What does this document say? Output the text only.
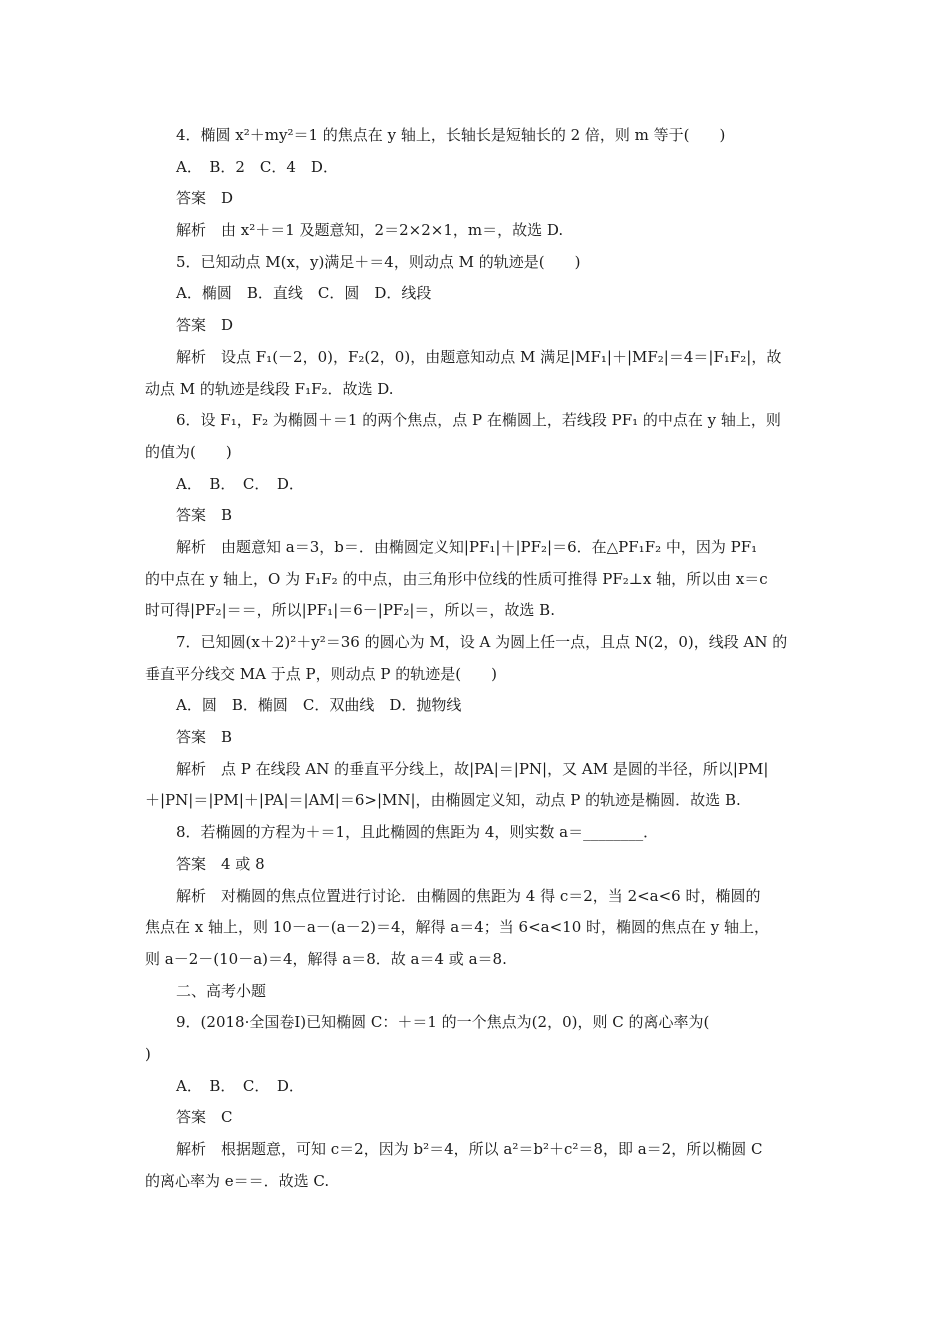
4．椭圆 x²＋my²＝1 的焦点在 y 轴上，长轴长是短轴长的 2 倍，则 m 等于(　　)

A．　B．2　C．4　D．

答案　D

解析　由 x²＋＝1 及题意知，2＝2×2×1，m＝，故选 D.

5．已知动点 M(x，y)满足＋＝4，则动点 M 的轨迹是(　　)

A．椭圆　B．直线　C．圆　D．线段

答案　D

解析　设点 F₁(－2，0)，F₂(2，0)，由题意知动点 M 满足|MF₁|＋|MF₂|＝4＝|F₁F₂|，故

动点 M 的轨迹是线段 F₁F₂．故选 D.

6．设 F₁，F₂ 为椭圆＋＝1 的两个焦点，点 P 在椭圆上，若线段 PF₁ 的中点在 y 轴上，则

的值为(　　)

A．　B．　C．　D．

答案　B

解析　由题意知 a＝3，b＝．由椭圆定义知|PF₁|＋|PF₂|＝6．在△PF₁F₂ 中，因为 PF₁

的中点在 y 轴上，O 为 F₁F₂ 的中点，由三角形中位线的性质可推得 PF₂⊥x 轴，所以由 x＝c

时可得|PF₂|＝＝，所以|PF₁|＝6－|PF₂|＝，所以＝，故选 B.

7．已知圆(x＋2)²＋y²＝36 的圆心为 M，设 A 为圆上任一点，且点 N(2，0)，线段 AN 的

垂直平分线交 MA 于点 P，则动点 P 的轨迹是(　　)

A．圆　B．椭圆　C．双曲线　D．抛物线

答案　B

解析　点 P 在线段 AN 的垂直平分线上，故|PA|＝|PN|，又 AM 是圆的半径，所以|PM|

＋|PN|＝|PM|＋|PA|＝|AM|＝6>|MN|，由椭圆定义知，动点 P 的轨迹是椭圆．故选 B.

8．若椭圆的方程为＋＝1，且此椭圆的焦距为 4，则实数 a＝________．

答案　4 或 8

解析　对椭圆的焦点位置进行讨论．由椭圆的焦距为 4 得 c＝2，当 2<a<6 时，椭圆的

焦点在 x 轴上，则 10－a－(a－2)＝4，解得 a＝4；当 6<a<10 时，椭圆的焦点在 y 轴上，

则 a－2－(10－a)＝4，解得 a＝8．故 a＝4 或 a＝8.

二、高考小题

9．(2018·全国卷Ⅰ)已知椭圆 C：＋＝1 的一个焦点为(2，0)，则 C 的离心率为(

)

A．　B．　C．　D．

答案　C

解析　根据题意，可知 c＝2，因为 b²＝4，所以 a²＝b²＋c²＝8，即 a＝2，所以椭圆 C

的离心率为 e＝＝．故选 C.
